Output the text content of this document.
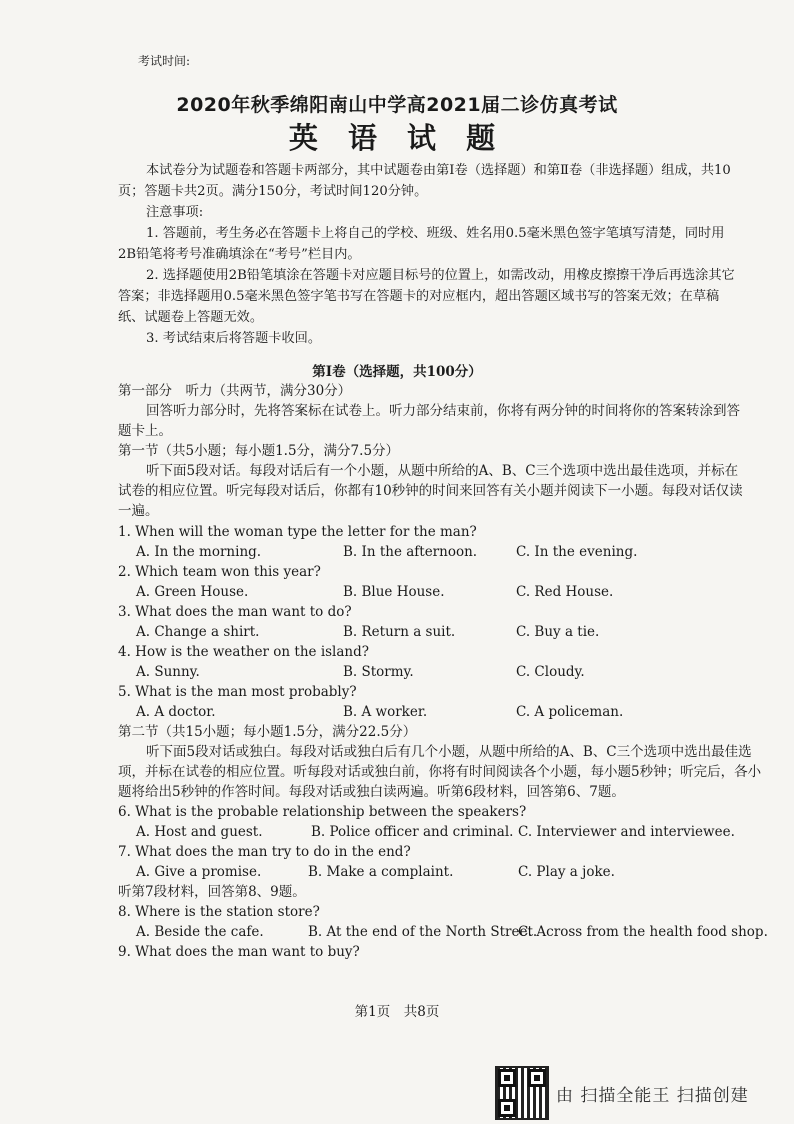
考试时间:
2020年秋季绵阳南山中学高2021届二诊仿真考试
英 语 试 题

本试卷分为试题卷和答题卡两部分，其中试题卷由第Ⅰ卷（选择题）和第Ⅱ卷（非选择题）组成，共10页；答题卡共2页。满分150分，考试时间120分钟。

注意事项:

1. 答题前，考生务必在答题卡上将自己的学校、班级、姓名用0.5毫米黑色签字笔填写清楚，同时用2B铅笔将考号准确填涂在“考号”栏目内。

2. 选择题使用2B铅笔填涂在答题卡对应题目标号的位置上，如需改动，用橡皮擦擦干净后再选涂其它答案；非选择题用0.5毫米黑色签字笔书写在答题卡的对应框内，超出答题区域书写的答案无效；在草稿纸、试题卷上答题无效。

3. 考试结束后将答题卡收回。

第Ⅰ卷（选择题，共100分）

第一部分　听力（共两节，满分30分）

回答听力部分时，先将答案标在试卷上。听力部分结束前，你将有两分钟的时间将你的答案转涂到答题卡上。

第一节（共5小题；每小题1.5分，满分7.5分）

听下面5段对话。每段对话后有一个小题，从题中所给的A、B、C三个选项中选出最佳选项，并标在试卷的相应位置。听完每段对话后，你都有10秒钟的时间来回答有关小题并阅读下一小题。每段对话仅读一遍。

1. When will the woman type the letter for the man?
A. In the morning.	B. In the afternoon.	C. In the evening.
2. Which team won this year?
A. Green House.	B. Blue House.	C. Red House.
3. What does the man want to do?
A. Change a shirt.	B. Return a suit.	C. Buy a tie.
4. How is the weather on the island?
A. Sunny.	B. Stormy.	C. Cloudy.
5. What is the man most probably?
A. A doctor.	B. A worker.	C. A policeman.

第二节（共15小题；每小题1.5分，满分22.5分）

听下面5段对话或独白。每段对话或独白后有几个小题，从题中所给的A、B、C三个选项中选出最佳选项，并标在试卷的相应位置。听每段对话或独白前，你将有时间阅读各个小题，每小题5秒钟；听完后，各小题将给出5秒钟的作答时间。每段对话或独白读两遍。听第6段材料，回答第6、7题。

6. What is the probable relationship between the speakers?
A. Host and guest.	B. Police officer and criminal. C. Interviewer and interviewee.
7. What does the man try to do in the end?
A. Give a promise.	B. Make a complaint.	C. Play a joke.
听第7段材料，回答第8、9题。
8. Where is the station store?
A. Beside the cafe.	B. At the end of the North Street.
C. Across from the health food shop.
9. What does the man want to buy?
第1页　共8页
由 扫描全能王 扫描创建
